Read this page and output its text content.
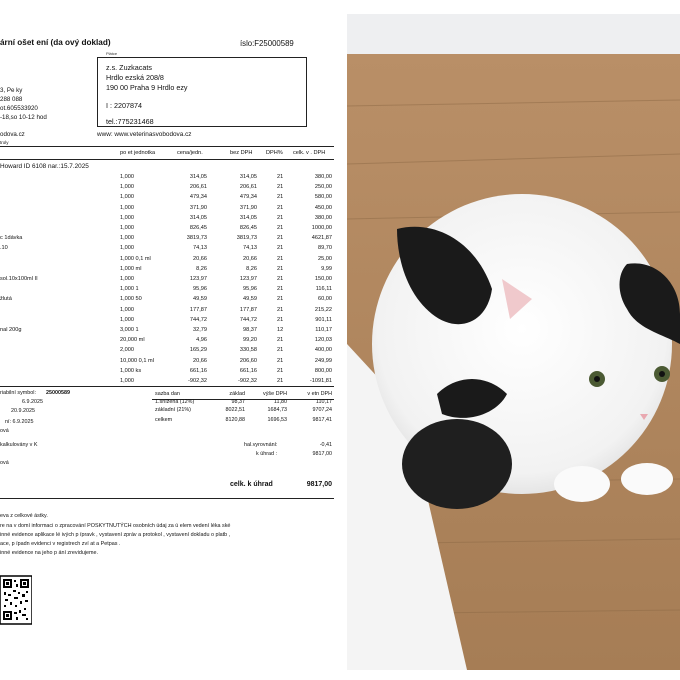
ární ošet ení (da ový doklad)	íslo:F25000589
Plátce
z.s. Zuzkacats
Hrdlo ezská 208/8
190 00 Praha 9 Hrdlo ezy
I : 2207874
tel.:775231468
3, Pe ky
288 088
ot.605533920
-18,so 10-12 hod
odova.cz
troly
www: www.veterinasvobodova.cz
po et jednotka	cena/jedn.	bez DPH DPH% celk. v . DPH
Howard ID 6108 nar.:15.7.2025
1,000	314,05	314,05	21	380,00
1,000	206,61	206,61	21	250,00
1,000	479,34	479,34	21	580,00
1,000	371,90	371,90	21	450,00
1,000	314,05	314,05	21	380,00
1,000	826,45	826,45	21	1000,00
c 1dávka	1,000	3819,73	3819,73	21	4621,87
.10	1,000	74,13	74,13	21	89,70
1,000 0,1 ml	20,66	20,66	21	25,00
1,000 ml	8,26	8,26	21	9,99
sol.10x100ml II	1,000	123,97	123,97	21	150,00
1,000 1	95,96	95,96	21	116,11
žlutá	1,000 50	49,59	49,59	21	60,00
1,000	177,87	177,87	21	215,22
1,000	744,72	744,72	21	901,11
nal 200g	3,000 1	32,79	98,37	12	110,17
20,000 ml	4,96	99,20	21	120,03
2,000	165,29	330,58	21	400,00
10,000 0,1 ml	20,66	206,60	21	249,99
1,000 ks	661,16	661,16	21	800,00
1,000	-902,32	-902,32	21	-1091,81
riabilní symbol: 25000589
6.9.2025
20.9.2025
ní: 6.9.2025
ová
sazba dan	základ	výše DPH	v etn DPH
1.snížená (12%)	98,37	11,80	110,17
základní (21%)	8022,51	1684,73	9707,24
celkem	8120,88	1696,53	9817,41
kalkulovány v K
ová
hal.vyrovnání:	-0,41
k úhrad :	9817,00
celk. k úhrad	9817,00
eva z celkové ástky.
re na v domí informaci o zpracování POSKYTNUTÝCH osobních údaj za ú elem vedení léka ské
inné evidence aplikace lé ivých p ípravk , vystavení zpráv a protokol , vystavení dokladu o platb ,
ace, p ípadn evidenci v registrech zví at a Petpas .
inné evidence na jeho p ání zrevidujeme.
